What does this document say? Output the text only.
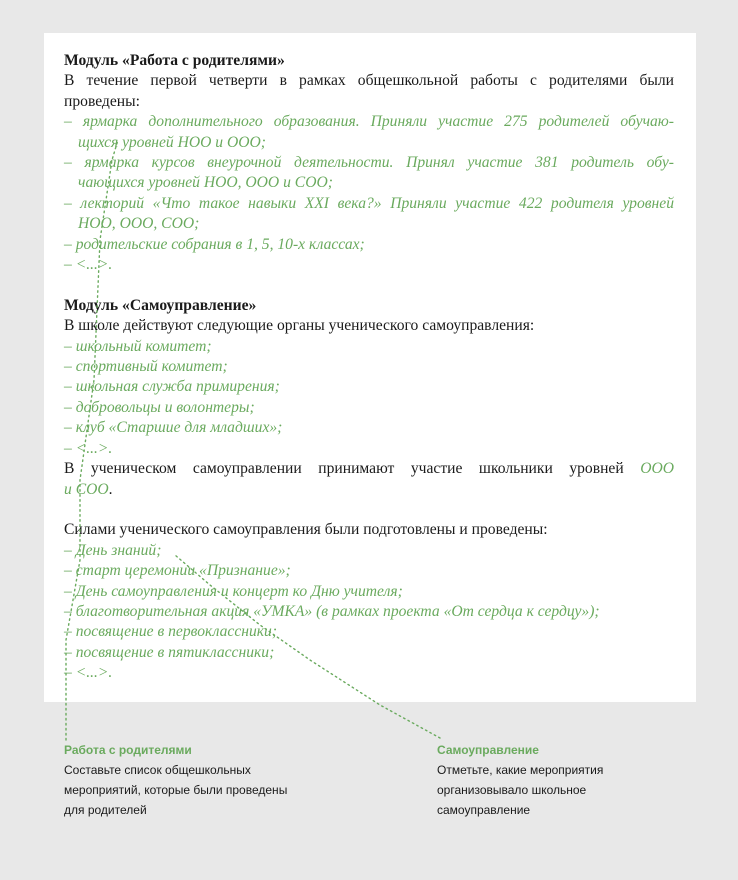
Модуль «Работа с родителями»
В течение первой четверти в рамках общешкольной работы с родителями были
проведены:
– ярмарка дополнительного образования. Приняли участие 275 родителей обучаю-
щихся уровней НОО и ООО;
– ярмарка курсов внеурочной деятельности. Принял участие 381 родитель обу-
чающихся уровней НОО, ООО и СОО;
– лекторий «Что такое навыки XXI века?» Приняли участие 422 родителя уровней
НОО, ООО, СОО;
– родительские собрания в 1, 5, 10-х классах;
– <...>.
Модуль «Самоуправление»
В школе действуют следующие органы ученического самоуправления:
– школьный комитет;
– спортивный комитет;
– школьная служба примирения;
– добровольцы и волонтеры;
– клуб «Старшие для младших»;
– <...>.
В ученическом самоуправлении принимают участие школьники уровней ООО
и СОО.
Силами ученического самоуправления были подготовлены и проведены:
– День знаний;
– старт церемонии «Признание»;
– День самоуправления и концерт ко Дню учителя;
– благотворительная акция «УМКА» (в рамках проекта «От сердца к сердцу»);
– посвящение в первоклассники;
– посвящение в пятиклассники;
– <...>.
Работа с родителями
Составьте список общешкольных
мероприятий, которые были проведены
для родителей
Самоуправление
Отметьте, какие мероприятия
организовывало школьное
самоуправление
